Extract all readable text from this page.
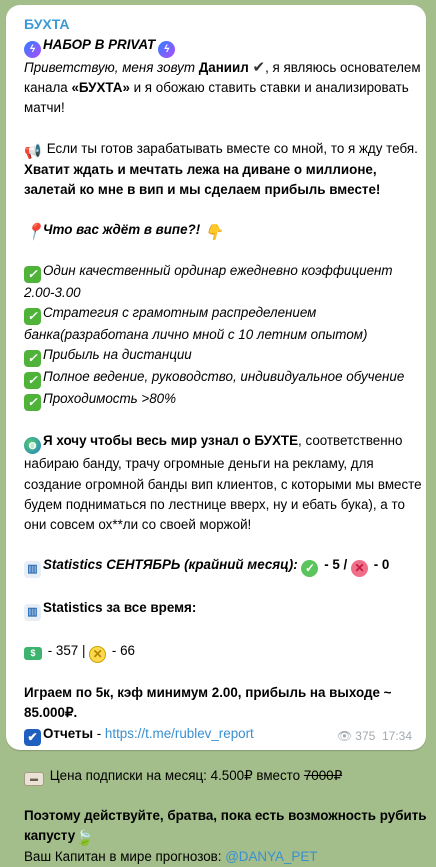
БУХТА
ϟ НАБОР В PRIVAT ϟ
Приветствую, меня зовут Даниил ✔, я являюсь основателем
канала «БУХТА» и я обожаю ставить ставки и анализировать
матчи!
📢 Если ты готов зарабатывать вместе со мной, то я жду тебя.
Хватит ждать и мечтать лежа на диване о миллионе,
залетай ко мне в вип и мы сделаем прибыль вместе!
📍Что вас ждёт в випе?! 👇
✓ Один качественный ординар ежедневно коэффициент
2.00-3.00
✓ Стратегия с грамотным распределением
банка(разработана лично мной с 10 летним опытом)
✓ Прибыль на дистанции
✓ Полное ведение, руководство, индивидуальное обучение
✓ Проходимость >80%
◍ Я хочу чтобы весь мир узнал о БУХТЕ, соответственно
набираю банду, трачу огромные деньги на рекламу, для
создание огромной банды вип клиентов, с которыми мы вместе
будем подниматься по лестнице вверх, ну и ебать бука), а то
они совсем ох**ли со своей моржой!
▥ Statistics СЕНТЯБРЬ (крайний месяц): ✓ - 5 / ✕ - 0
▥ Statistics за все время:
$ - 357 | ✕ - 66
Играем по 5к, кэф минимум 2.00, прибыль на выходе ~
85.000₽.
✔ Отчеты - https://t.me/rublev_report
▬ Цена подписки на месяц: 4.500₽ вместо 7000₽
Поэтому действуйте, братва, пока есть возможность рубить
капусту🍃
Ваш Капитан в мире прогнозов: @DANYA_PET
👁 375 17:34
